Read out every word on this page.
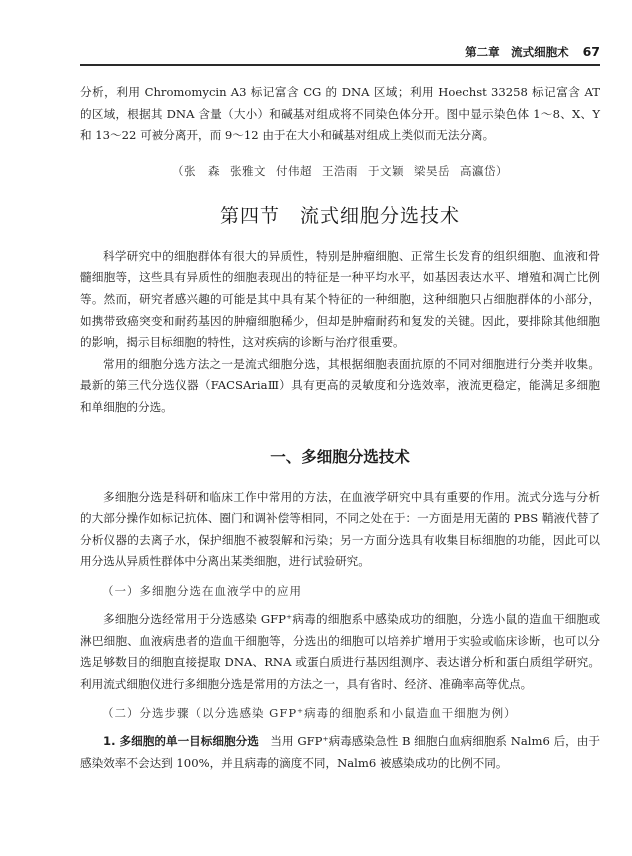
第二章　流式细胞术 67

分析，利用 Chromomycin A3 标记富含 CG 的 DNA 区域；利用 Hoechst 33258 标记富含 AT 的区域，根据其 DNA 含量（大小）和碱基对组成将不同染色体分开。图中显示染色体 1～8、X、Y 和 13～22 可被分离开，而 9～12 由于在大小和碱基对组成上类似而无法分离。

（张　森 张雅文 付伟超 王浩雨 于文颖 梁昊岳 高瀛岱）

第四节　流式细胞分选技术

科学研究中的细胞群体有很大的异质性，特别是肿瘤细胞、正常生长发育的组织细胞、血液和骨髓细胞等，这些具有异质性的细胞表现出的特征是一种平均水平，如基因表达水平、增殖和凋亡比例等。然而，研究者感兴趣的可能是其中具有某个特征的一种细胞，这种细胞只占细胞群体的小部分，如携带致癌突变和耐药基因的肿瘤细胞稀少，但却是肿瘤耐药和复发的关键。因此，要排除其他细胞的影响，揭示目标细胞的特性，这对疾病的诊断与治疗很重要。

常用的细胞分选方法之一是流式细胞分选，其根据细胞表面抗原的不同对细胞进行分类并收集。最新的第三代分选仪器（FACSAriaⅢ）具有更高的灵敏度和分选效率，液流更稳定，能满足多细胞和单细胞的分选。

一、多细胞分选技术

多细胞分选是科研和临床工作中常用的方法，在血液学研究中具有重要的作用。流式分选与分析的大部分操作如标记抗体、圈门和调补偿等相同，不同之处在于：一方面是用无菌的 PBS 鞘液代替了分析仪器的去离子水，保护细胞不被裂解和污染；另一方面分选具有收集目标细胞的功能，因此可以用分选从异质性群体中分离出某类细胞，进行试验研究。

（一）多细胞分选在血液学中的应用

多细胞分选经常用于分选感染 GFP⁺病毒的细胞系中感染成功的细胞，分选小鼠的造血干细胞或淋巴细胞、血液病患者的造血干细胞等，分选出的细胞可以培养扩增用于实验或临床诊断，也可以分选足够数目的细胞直接提取 DNA、RNA 或蛋白质进行基因组测序、表达谱分析和蛋白质组学研究。利用流式细胞仪进行多细胞分选是常用的方法之一，具有省时、经济、准确率高等优点。

（二）分选步骤（以分选感染 GFP⁺病毒的细胞系和小鼠造血干细胞为例）

1. 多细胞的单一目标细胞分选　当用 GFP⁺病毒感染急性 B 细胞白血病细胞系 Nalm6 后，由于感染效率不会达到 100%，并且病毒的滴度不同，Nalm6 被感染成功的比例不同。
